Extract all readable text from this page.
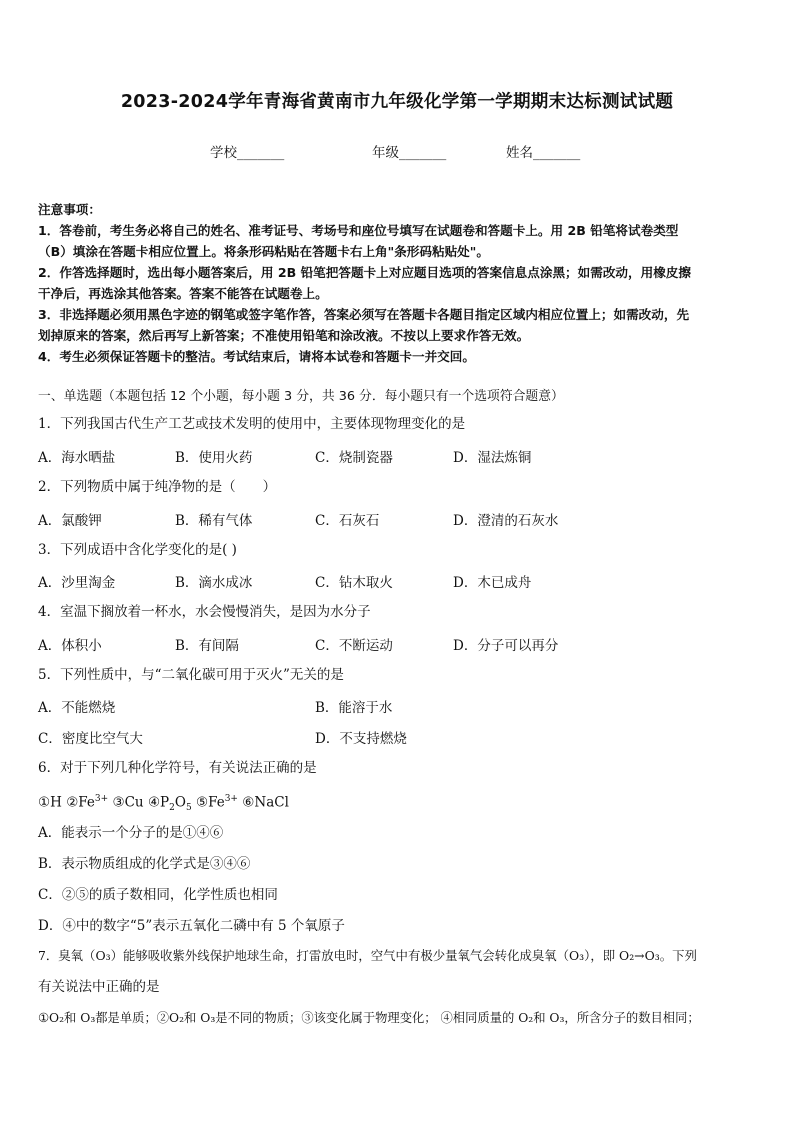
2023-2024学年青海省黄南市九年级化学第一学期期末达标测试试题
学校_______	年级_______	姓名_______
注意事项：
1．答卷前，考生务必将自己的姓名、准考证号、考场号和座位号填写在试题卷和答题卡上。用 2B 铅笔将试卷类型
（B）填涂在答题卡相应位置上。将条形码粘贴在答题卡右上角"条形码粘贴处"。
2．作答选择题时，选出每小题答案后，用 2B 铅笔把答题卡上对应题目选项的答案信息点涂黑；如需改动，用橡皮擦
干净后，再选涂其他答案。答案不能答在试题卷上。
3．非选择题必须用黑色字迹的钢笔或签字笔作答，答案必须写在答题卡各题目指定区域内相应位置上；如需改动，先
划掉原来的答案，然后再写上新答案；不准使用铅笔和涂改液。不按以上要求作答无效。
4．考生必须保证答题卡的整洁。考试结束后，请将本试卷和答题卡一并交回。
一、单选题（本题包括 12 个小题，每小题 3 分，共 36 分．每小题只有一个选项符合题意）
1．下列我国古代生产工艺或技术发明的使用中，主要体现物理变化的是
A．海水晒盐	B．使用火药	C．烧制瓷器	D．湿法炼铜
2．下列物质中属于纯净物的是（　　）
A．氯酸钾	B．稀有气体	C．石灰石	D．澄清的石灰水
3．下列成语中含化学变化的是( )
A．沙里淘金	B．滴水成冰	C．钻木取火	D．木已成舟
4．室温下搁放着一杯水，水会慢慢消失，是因为水分子
A．体积小	B．有间隔	C．不断运动	D．分子可以再分
5．下列性质中，与“二氧化碳可用于灭火”无关的是
A．不能燃烧	B．能溶于水
C．密度比空气大	D．不支持燃烧
6．对于下列几种化学符号，有关说法正确的是
①H $②Fe^{3+}$ ③Cu $④P_2O_5$ $⑤Fe^{3+}$ ⑥NaCl
A．能表示一个分子的是①④⑥
B．表示物质组成的化学式是③④⑥
C．②⑤的质子数相同，化学性质也相同
D．④中的数字“5”表示五氧化二磷中有 5 个氧原子
7．臭氧（O₃）能够吸收紫外线保护地球生命，打雷放电时，空气中有极少量氧气会转化成臭氧（O₃），即 O₂→O₃。下列
有关说法中正确的是
①O₂和 O₃都是单质；②O₂和 O₃是不同的物质；③该变化属于物理变化； ④相同质量的 O₂和 O₃，所含分子的数目相同；
